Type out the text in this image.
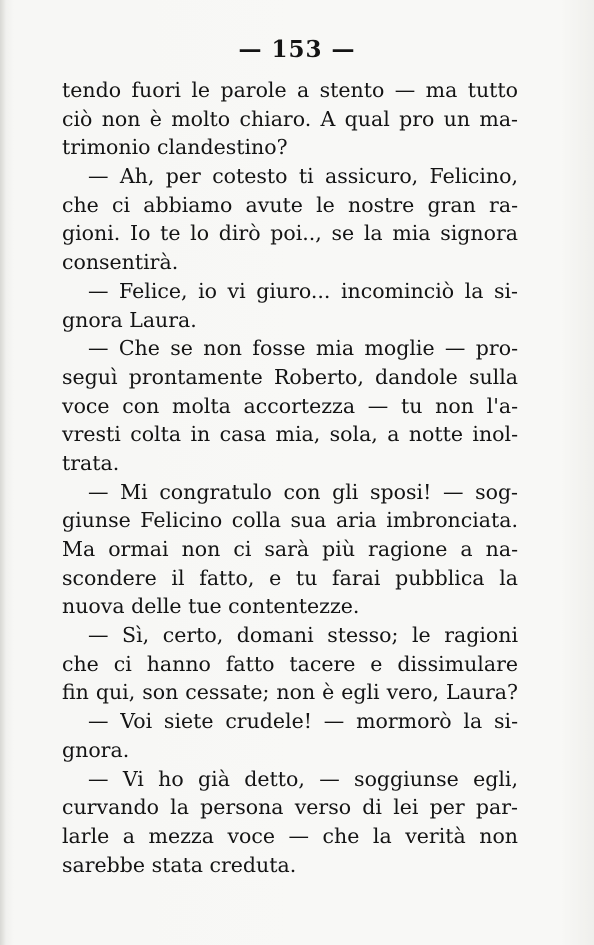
— 153 —
tendo fuori le parole a stento — ma tutto
ciò non è molto chiaro. A qual pro un ma-
trimonio clandestino?
— Ah, per cotesto ti assicuro, Felicino,
che ci abbiamo avute le nostre gran ra-
gioni. Io te lo dirò poi.., se la mia signora
consentirà.
— Felice, io vi giuro... incominciò la si-
gnora Laura.
— Che se non fosse mia moglie — pro-
seguì prontamente Roberto, dandole sulla
voce con molta accortezza — tu non l'a-
vresti colta in casa mia, sola, a notte inol-
trata.
— Mi congratulo con gli sposi! — sog-
giunse Felicino colla sua aria imbronciata.
Ma ormai non ci sarà più ragione a na-
scondere il fatto, e tu farai pubblica la
nuova delle tue contentezze.
— Sì, certo, domani stesso; le ragioni
che ci hanno fatto tacere e dissimulare
fin qui, son cessate; non è egli vero, Laura?
— Voi siete crudele! — mormorò la si-
gnora.
— Vi ho già detto, — soggiunse egli,
curvando la persona verso di lei per par-
larle a mezza voce — che la verità non
sarebbe stata creduta.
